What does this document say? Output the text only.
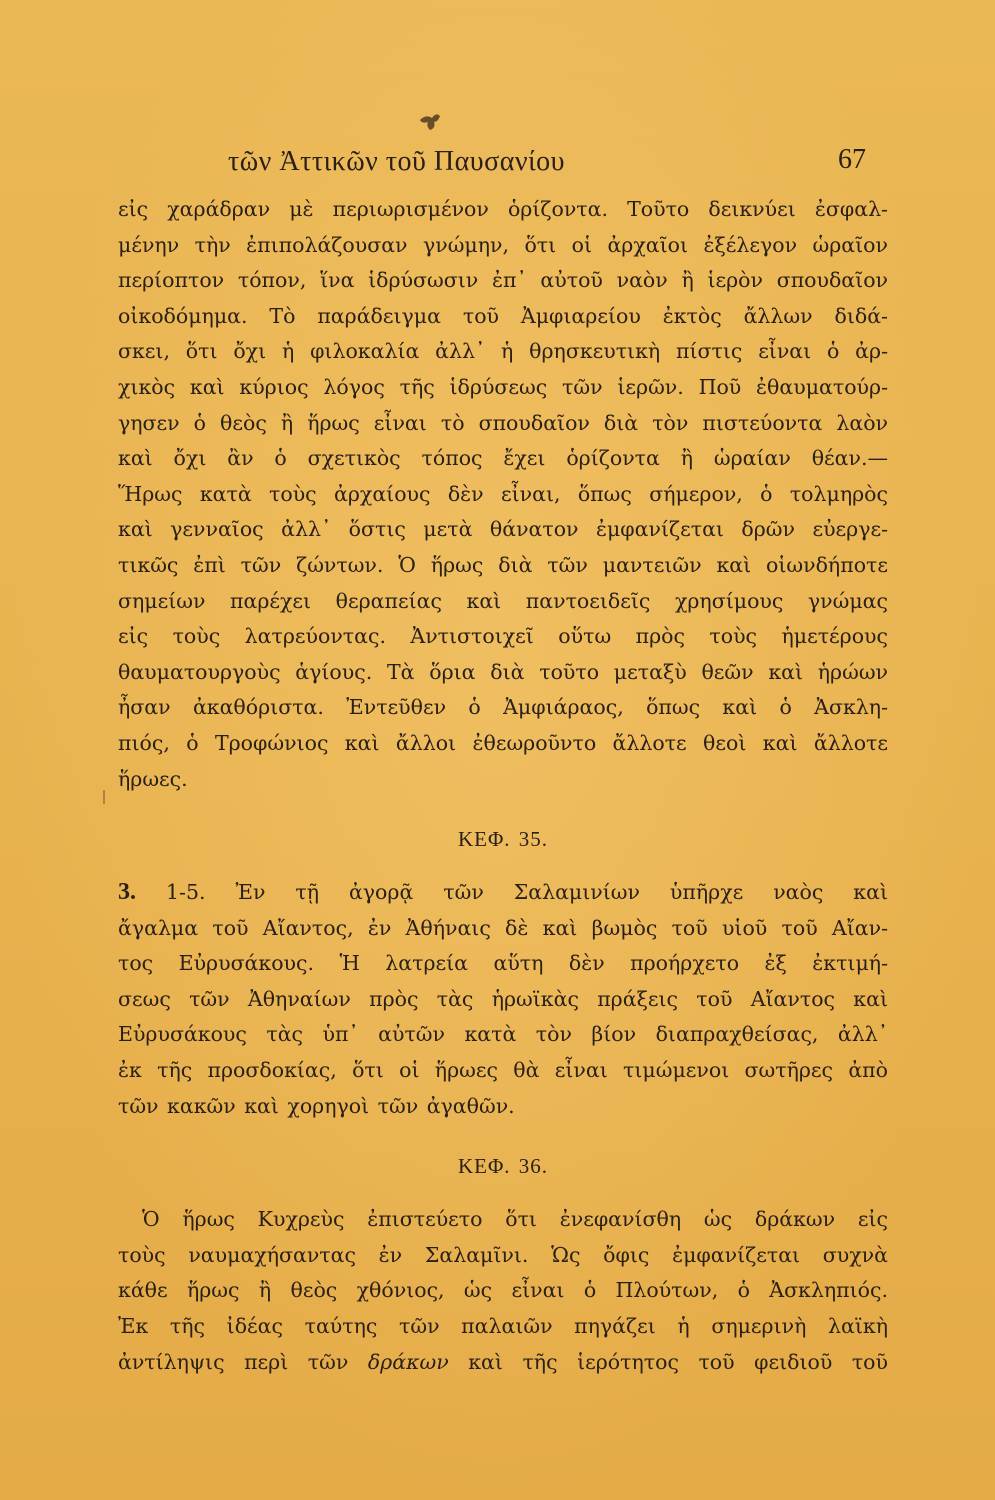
τῶν Ἀττικῶν τοῦ Παυσανίου	67
εἰς χαράδραν μὲ περιωρισμένον ὁρίζοντα. Τοῦτο δεικνύει ἐσφαλ-
μένην τὴν ἐπιπολάζουσαν γνώμην, ὅτι οἱ ἀρχαῖοι ἐξέλεγον ὡραῖον
περίοπτον τόπον, ἵνα ἱδρύσωσιν ἐπ᾽ αὐτοῦ ναὸν ἢ ἱερὸν σπουδαῖον
οἰκοδόμημα. Τὸ παράδειγμα τοῦ Ἀμφιαρείου ἐκτὸς ἄλλων διδά-
σκει, ὅτι ὄχι ἡ φιλοκαλία ἀλλ᾽ ἡ θρησκευτικὴ πίστις εἶναι ὁ ἀρ-
χικὸς καὶ κύριος λόγος τῆς ἱδρύσεως τῶν ἱερῶν. Ποῦ ἐθαυματούρ-
γησεν ὁ θεὸς ἢ ἥρως εἶναι τὸ σπουδαῖον διὰ τὸν πιστεύοντα λαὸν
καὶ ὄχι ἂν ὁ σχετικὸς τόπος ἔχει ὁρίζοντα ἢ ὡραίαν θέαν.—
Ἥρως κατὰ τοὺς ἀρχαίους δὲν εἶναι, ὅπως σήμερον, ὁ τολμηρὸς
καὶ γενναῖος ἀλλ᾽ ὅστις μετὰ θάνατον ἐμφανίζεται δρῶν εὐεργε-
τικῶς ἐπὶ τῶν ζώντων. Ὁ ἥρως διὰ τῶν μαντειῶν καὶ οἱωνδήποτε
σημείων παρέχει θεραπείας καὶ παντοειδεῖς χρησίμους γνώμας
εἰς τοὺς λατρεύοντας. Ἀντιστοιχεῖ οὕτω πρὸς τοὺς ἡμετέρους
θαυματουργοὺς ἁγίους. Τὰ ὅρια διὰ τοῦτο μεταξὺ θεῶν καὶ ἡρώων
ἦσαν ἀκαθόριστα. Ἐντεῦθεν ὁ Ἀμφιάραος, ὅπως καὶ ὁ Ἀσκλη-
πιός, ὁ Τροφώνιος καὶ ἄλλοι ἐθεωροῦντο ἄλλοτε θεοὶ καὶ ἄλλοτε
ἥρωες.
ΚΕΦ. 35.
3. 1-5. Ἐν τῇ ἀγορᾷ τῶν Σαλαμινίων ὑπῆρχε ναὸς καὶ
ἄγαλμα τοῦ Αἴαντος, ἐν Ἀθήναις δὲ καὶ βωμὸς τοῦ υἱοῦ τοῦ Αἴαν-
τος Εὐρυσάκους. Ἡ λατρεία αὕτη δὲν προήρχετο ἐξ ἐκτιμή-
σεως τῶν Ἀθηναίων πρὸς τὰς ἡρωϊκὰς πράξεις τοῦ Αἴαντος καὶ
Εὐρυσάκους τὰς ὑπ᾽ αὐτῶν κατὰ τὸν βίον διαπραχθείσας, ἀλλ᾽
ἐκ τῆς προσδοκίας, ὅτι οἱ ἥρωες θὰ εἶναι τιμώμενοι σωτῆρες ἀπὸ
τῶν κακῶν καὶ χορηγοὶ τῶν ἀγαθῶν.
ΚΕΦ. 36.
Ὁ ἥρως Κυχρεὺς ἐπιστεύετο ὅτι ἐνεφανίσθη ὡς δράκων εἰς
τοὺς ναυμαχήσαντας ἐν Σαλαμῖνι. Ὡς ὄφις ἐμφανίζεται συχνὰ
κάθε ἥρως ἢ θεὸς χθόνιος, ὡς εἶναι ὁ Πλούτων, ὁ Ἀσκληπιός.
Ἐκ τῆς ἰδέας ταύτης τῶν παλαιῶν πηγάζει ἡ σημερινὴ λαϊκὴ
ἀντίληψις περὶ τῶν δράκων καὶ τῆς ἱερότητος τοῦ φειδιοῦ τοῦ
